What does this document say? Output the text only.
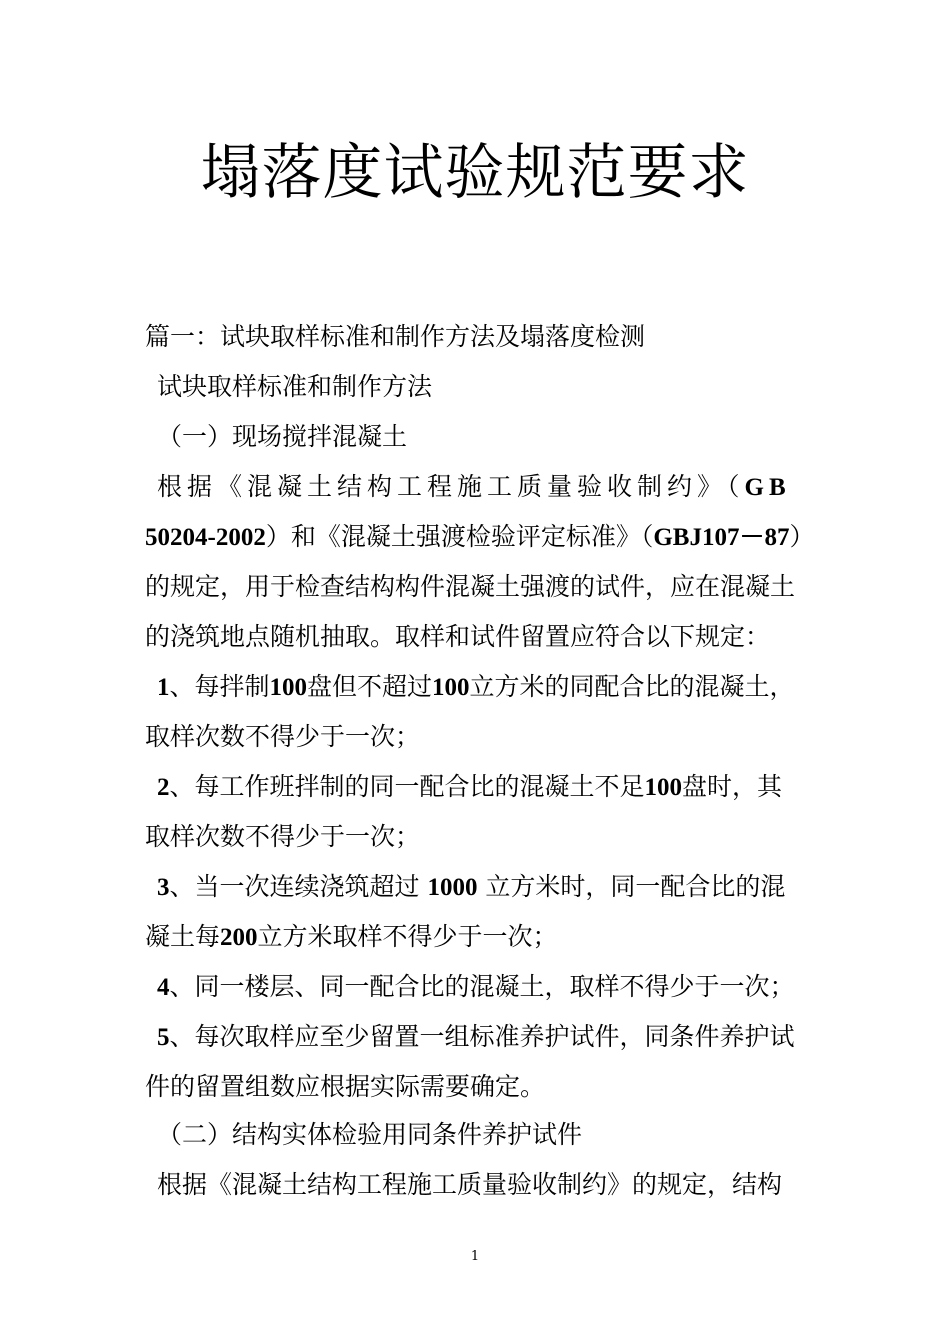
塌落度试验规范要求
篇一：试块取样标准和制作方法及塌落度检测
试块取样标准和制作方法
（一）现场搅拌混凝土
根据《混凝土结构工程施工质量验收制约》（GB
50204-2002）和《混凝土强渡检验评定标准》（GBJ107－87）
的规定，用于检查结构构件混凝土强渡的试件，应在混凝土
的浇筑地点随机抽取。取样和试件留置应符合以下规定：
1、每拌制100盘但不超过100立方米的同配合比的混凝土，
取样次数不得少于一次；
2、每工作班拌制的同一配合比的混凝土不足100盘时，其
取样次数不得少于一次；
3、当一次连续浇筑超过 1000 立方米时，同一配合比的混
凝土每200立方米取样不得少于一次；
4、同一楼层、同一配合比的混凝土，取样不得少于一次；
5、每次取样应至少留置一组标准养护试件，同条件养护试
件的留置组数应根据实际需要确定。
（二）结构实体检验用同条件养护试件
根据《混凝土结构工程施工质量验收制约》的规定，结构
1
